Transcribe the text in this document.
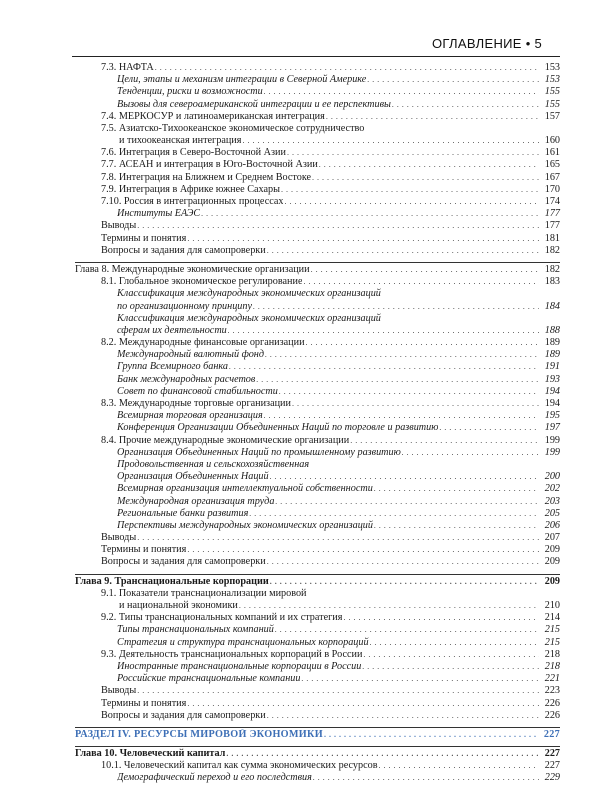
ОГЛАВЛЕНИЕ • 5
7.3. НАФТА . . .	153
Цели, этапы и механизм интеграции в Северной Америке . . .	153
Тенденции, риски и возможности . . .	155
Вызовы для североамериканской интеграции и ее перспективы . . .	155
7.4. МЕРКОСУР и латиноамериканская интеграция . . .	157
7.5. Азиатско-Тихоокеанское экономическое сотрудничество
и тихоокеанская интеграция . . .	160
7.6. Интеграция в Северо-Восточной Азии . . .	161
7.7. АСЕАН и интеграция в Юго-Восточной Азии . . .	165
7.8. Интеграция на Ближнем и Среднем Востоке . . .	167
7.9. Интеграция в Африке южнее Сахары . . .	170
7.10. Россия в интеграционных процессах . . .	174
Институты ЕАЭС . . .	177
Выводы . . .	177
Термины и понятия . . .	181
Вопросы и задания для самопроверки . . .	182
Глава 8. Международные экономические организации . . .	182
8.1. Глобальное экономическое регулирование . . .	183
Классификация международных экономических организаций
по организационному принципу . . .	184
Классификация международных экономических организаций
сферам их деятельности . . .	188
8.2. Международные финансовые организации . . .	189
Международный валютный фонд . . .	189
Группа Всемирного банка . . .	191
Банк международных расчетов . . .	193
Совет по финансовой стабильности . . .	194
8.3. Международные торговые организации . . .	194
Всемирная торговая организация . . .	195
Конференция Организации Объединенных Наций по торговле и развитию . . .	197
8.4. Прочие международные экономические организации . . .	199
Организация Объединенных Наций по промышленному развитию . . .	199
Продовольственная и сельскохозяйственная
Организация Объединенных Наций . . .	200
Всемирная организация интеллектуальной собственности . . .	202
Международная организация труда . . .	203
Региональные банки развития . . .	205
Перспективы международных экономических организаций . . .	206
Выводы . . .	207
Термины и понятия . . .	209
Вопросы и задания для самопроверки . . .	209
Глава 9. Транснациональные корпорации . . .	209
9.1. Показатели транснационализации мировой
и национальной экономики . . .	210
9.2. Типы транснациональных компаний и их стратегия . . .	214
Типы транснациональных компаний . . .	215
Стратегия и структура транснациональных корпораций . . .	215
9.3. Деятельность транснациональных корпораций в России . . .	218
Иностранные транснациональные корпорации в России . . .	218
Российские транснациональные компании . . .	221
Выводы . . .	223
Термины и понятия . . .	226
Вопросы и задания для самопроверки . . .	226
РАЗДЕЛ IV. РЕСУРСЫ МИРОВОЙ ЭКОНОМИКИ . . .	227
Глава 10. Человеческий капитал . . .	227
10.1. Человеческий капитал как сумма экономических ресурсов . . .	227
Демографический переход и его последствия . . .	229
